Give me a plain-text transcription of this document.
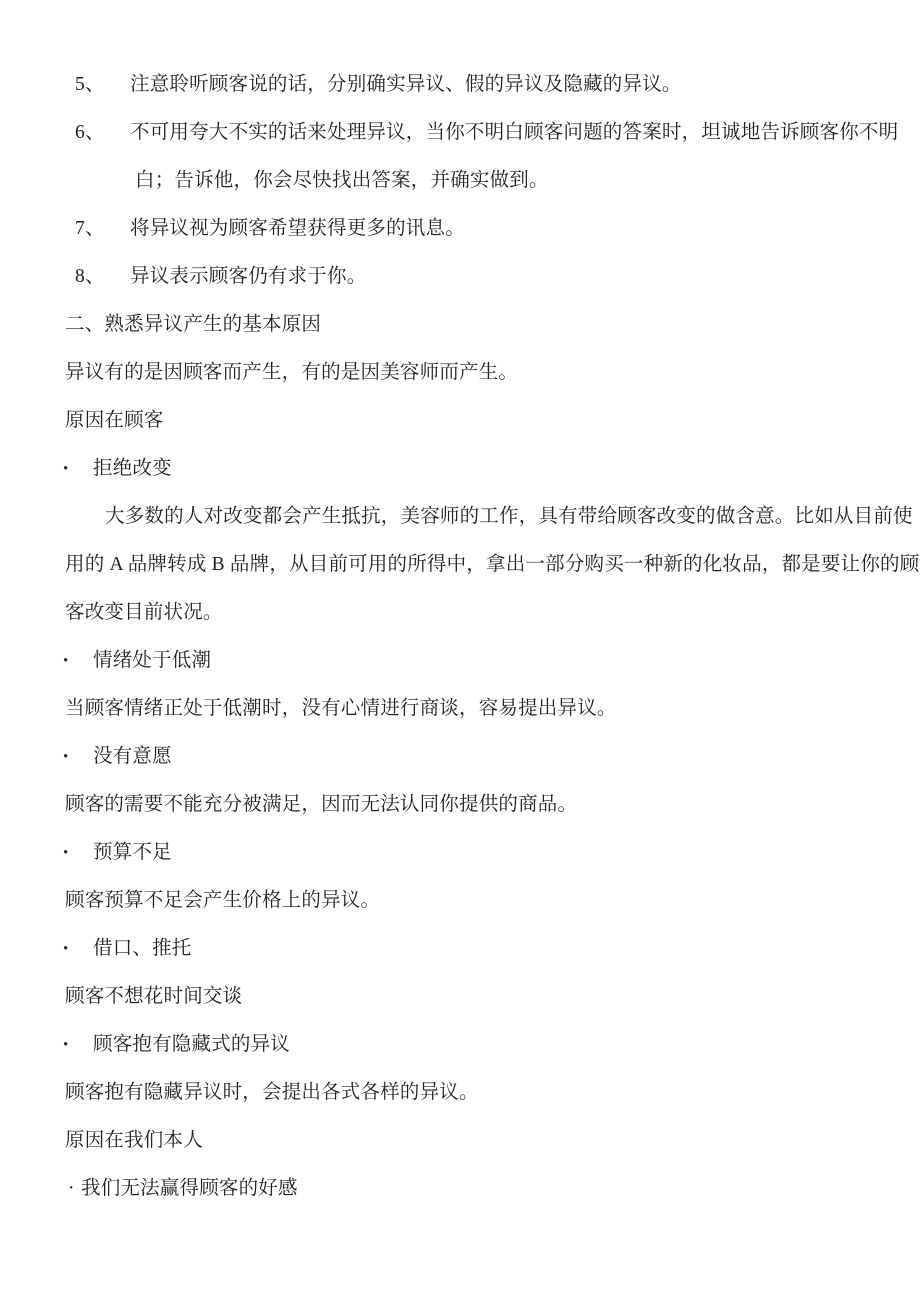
5、 注意聆听顾客说的话，分别确实异议、假的异议及隐藏的异议。
6、 不可用夸大不实的话来处理异议，当你不明白顾客问题的答案时，坦诚地告诉顾客你不明
白；告诉他，你会尽快找出答案，并确实做到。
7、 将异议视为顾客希望获得更多的讯息。
8、 异议表示顾客仍有求于你。
二、熟悉异议产生的基本原因
异议有的是因顾客而产生，有的是因美容师而产生。
原因在顾客
• 拒绝改变
大多数的人对改变都会产生抵抗，美容师的工作，具有带给顾客改变的做含意。比如从目前使
用的 A 品牌转成 B 品牌，从目前可用的所得中，拿出一部分购买一种新的化妆品，都是要让你的顾
客改变目前状况。
• 情绪处于低潮
当顾客情绪正处于低潮时，没有心情进行商谈，容易提出异议。
• 没有意愿
顾客的需要不能充分被满足，因而无法认同你提供的商品。
• 预算不足
顾客预算不足会产生价格上的异议。
• 借口、推托
顾客不想花时间交谈
• 顾客抱有隐藏式的异议
顾客抱有隐藏异议时，会提出各式各样的异议。
原因在我们本人
· 我们无法赢得顾客的好感
